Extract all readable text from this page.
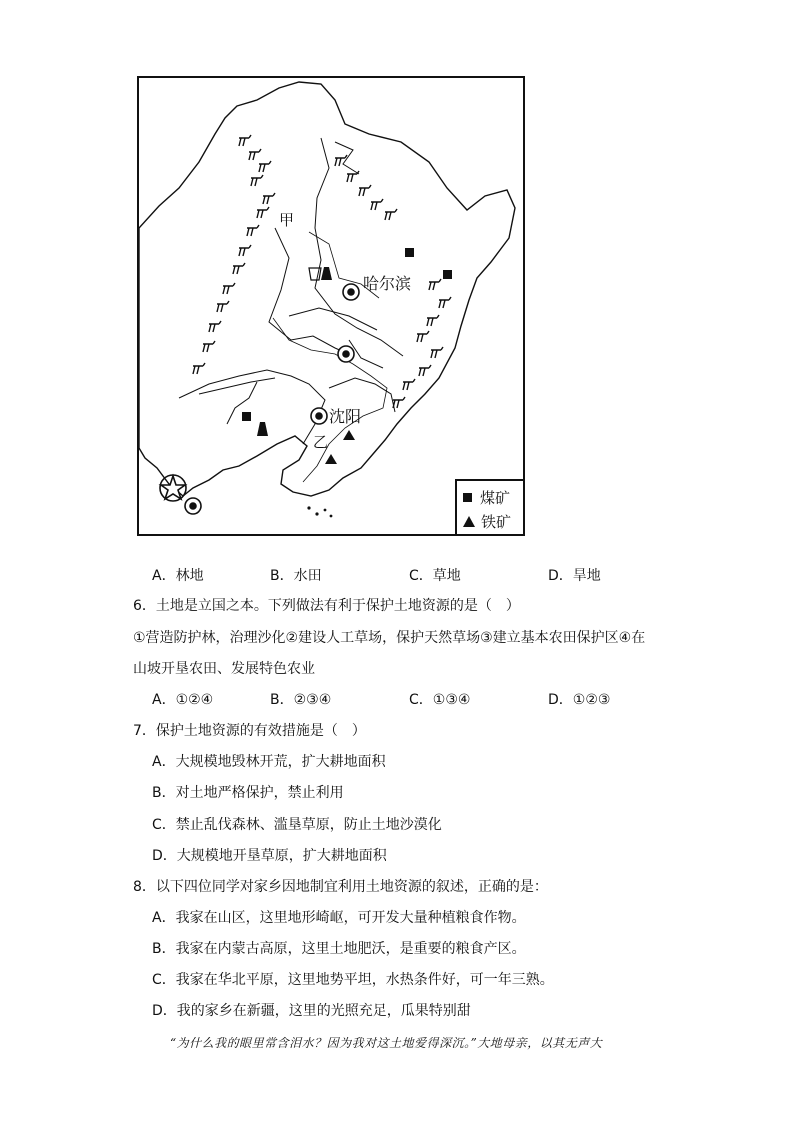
甲
哈尔滨
沈阳
乙
煤矿
铁矿
A．林地	B．水田	C．草地	D．旱地
6．土地是立国之本。下列做法有利于保护土地资源的是（　）
①营造防护林，治理沙化②建设人工草场，保护天然草场③建立基本农田保护区④在
山坡开垦农田、发展特色农业
A．①②④	B．②③④	C．①③④	D．①②③
7．保护土地资源的有效措施是（　）
A．大规模地毁林开荒，扩大耕地面积
B．对土地严格保护，禁止利用
C．禁止乱伐森林、滥垦草原，防止土地沙漠化
D．大规模地开垦草原，扩大耕地面积
8．以下四位同学对家乡因地制宜利用土地资源的叙述，正确的是：
A．我家在山区，这里地形崎岖，可开发大量种植粮食作物。
B．我家在内蒙古高原，这里土地肥沃，是重要的粮食产区。
C．我家在华北平原，这里地势平坦，水热条件好，可一年三熟。
D．我的家乡在新疆，这里的光照充足，瓜果特别甜
“为什么我的眼里常含泪水？因为我对这土地爱得深沉。”大地母亲，以其无声大
